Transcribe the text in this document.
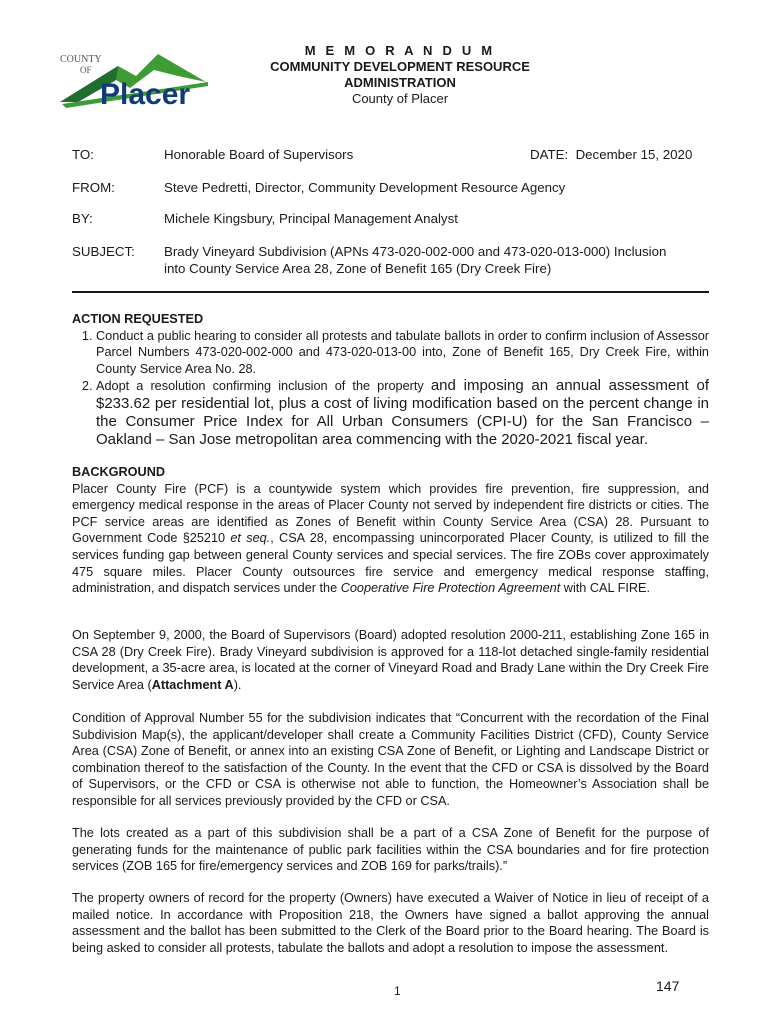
COUNTY
OF
Placer
M E M O R A N D U M
COMMUNITY DEVELOPMENT RESOURCE
ADMINISTRATION
County of Placer
TO:	Honorable Board of Supervisors	DATE: December 15, 2020
FROM:	Steve Pedretti, Director, Community Development Resource Agency
BY:	Michele Kingsbury, Principal Management Analyst
SUBJECT:	Brady Vineyard Subdivision (APNs 473-020-002-000 and 473-020-013-000) Inclusion
into County Service Area 28, Zone of Benefit 165 (Dry Creek Fire)
ACTION REQUESTED
1. Conduct a public hearing to consider all protests and tabulate ballots in order to confirm inclusion of Assessor Parcel Numbers 473-020-002-000 and 473-020-013-00 into, Zone of Benefit 165, Dry Creek Fire, within County Service Area No. 28.
2. Adopt a resolution confirming inclusion of the property and imposing an annual assessment of $233.62 per residential lot, plus a cost of living modification based on the percent change in the Consumer Price Index for All Urban Consumers (CPI-U) for the San Francisco – Oakland – San Jose metropolitan area commencing with the 2020-2021 fiscal year.
BACKGROUND

Placer County Fire (PCF) is a countywide system which provides fire prevention, fire suppression, and emergency medical response in the areas of Placer County not served by independent fire districts or cities. The PCF service areas are identified as Zones of Benefit within County Service Area (CSA) 28. Pursuant to Government Code §25210 et seq., CSA 28, encompassing unincorporated Placer County, is utilized to fill the services funding gap between general County services and special services. The fire ZOBs cover approximately 475 square miles. Placer County outsources fire service and emergency medical response staffing, administration, and dispatch services under the Cooperative Fire Protection Agreement with CAL FIRE.

On September 9, 2000, the Board of Supervisors (Board) adopted resolution 2000-211, establishing Zone 165 in CSA 28 (Dry Creek Fire). Brady Vineyard subdivision is approved for a 118-lot detached single-family residential development, a 35-acre area, is located at the corner of Vineyard Road and Brady Lane within the Dry Creek Fire Service Area (Attachment A).

Condition of Approval Number 55 for the subdivision indicates that “Concurrent with the recordation of the Final Subdivision Map(s), the applicant/developer shall create a Community Facilities District (CFD), County Service Area (CSA) Zone of Benefit, or annex into an existing CSA Zone of Benefit, or Lighting and Landscape District or combination thereof to the satisfaction of the County. In the event that the CFD or CSA is dissolved by the Board of Supervisors, or the CFD or CSA is otherwise not able to function, the Homeowner’s Association shall be responsible for all services previously provided by the CFD or CSA.

The lots created as a part of this subdivision shall be a part of a CSA Zone of Benefit for the purpose of generating funds for the maintenance of public park facilities within the CSA boundaries and for fire protection services (ZOB 165 for fire/emergency services and ZOB 169 for parks/trails).”

The property owners of record for the property (Owners) have executed a Waiver of Notice in lieu of receipt of a mailed notice. In accordance with Proposition 218, the Owners have signed a ballot approving the annual assessment and the ballot has been submitted to the Clerk of the Board prior to the Board hearing. The Board is being asked to consider all protests, tabulate the ballots and adopt a resolution to impose the assessment.

1	147
